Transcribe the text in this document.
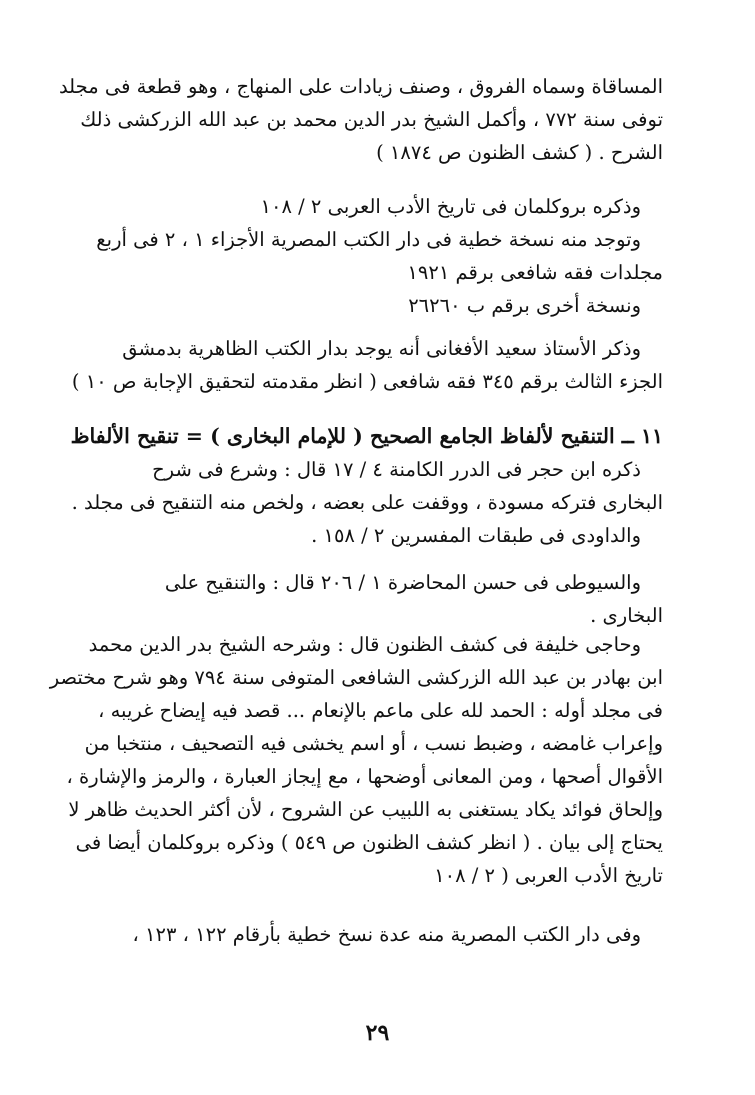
المساقاة وسماه الفروق ، وصنف زيادات على المنهاج ، وهو قطعة فى مجلد
توفى سنة ٧٧٢ ، وأكمل الشيخ بدر الدين محمد بن عبد الله الزركشى ذلك
الشرح . ( كشف الظنون ص ١٨٧٤ )
وذكره بروكلمان فى تاريخ الأدب العربى ٢ / ١٠٨
وتوجد منه نسخة خطية فى دار الكتب المصرية الأجزاء ١ ، ٢ فى أربع
مجلدات فقه شافعى برقم ١٩٢١
ونسخة أخرى برقم ب ٢٦٢٦٠
وذكر الأستاذ سعيد الأفغانى أنه يوجد بدار الكتب الظاهرية بدمشق
الجزء الثالث برقم ٣٤٥ فقه شافعى ( انظر مقدمته لتحقيق الإجابة ص ١٠ )
١١ ــ التنقيح لألفاظ الجامع الصحيح ( للإمام البخارى ) = تنقيح الألفاظ
ذكره ابن حجر فى الدرر الكامنة ٤ / ١٧ قال : وشرع فى شرح
البخارى فتركه مسودة ، ووقفت على بعضه ، ولخص منه التنقيح فى مجلد .
والداودى فى طبقات المفسرين ٢ / ١٥٨ .
والسيوطى فى حسن المحاضرة ١ / ٢٠٦ قال : والتنقيح على
البخارى .
وحاجى خليفة فى كشف الظنون قال : وشرحه الشيخ بدر الدين محمد
ابن بهادر بن عبد الله الزركشى الشافعى المتوفى سنة ٧٩٤ وهو شرح مختصر
فى مجلد أوله : الحمد لله على ماعم بالإنعام ... قصد فيه إيضاح غريبه ،
وإعراب غامضه ، وضبط نسب ، أو اسم يخشى فيه التصحيف ، منتخبا من
الأقوال أصحها ، ومن المعانى أوضحها ، مع إيجاز العبارة ، والرمز والإشارة ،
وإلحاق فوائد يكاد يستغنى به اللبيب عن الشروح ، لأن أكثر الحديث ظاهر لا
يحتاج إلى بيان . ( انظر كشف الظنون ص ٥٤٩ ) وذكره بروكلمان أيضا فى
تاريخ الأدب العربى ( ٢ / ١٠٨
وفى دار الكتب المصرية منه عدة نسخ خطية بأرقام ١٢٢ ، ١٢٣ ،
٢٩
